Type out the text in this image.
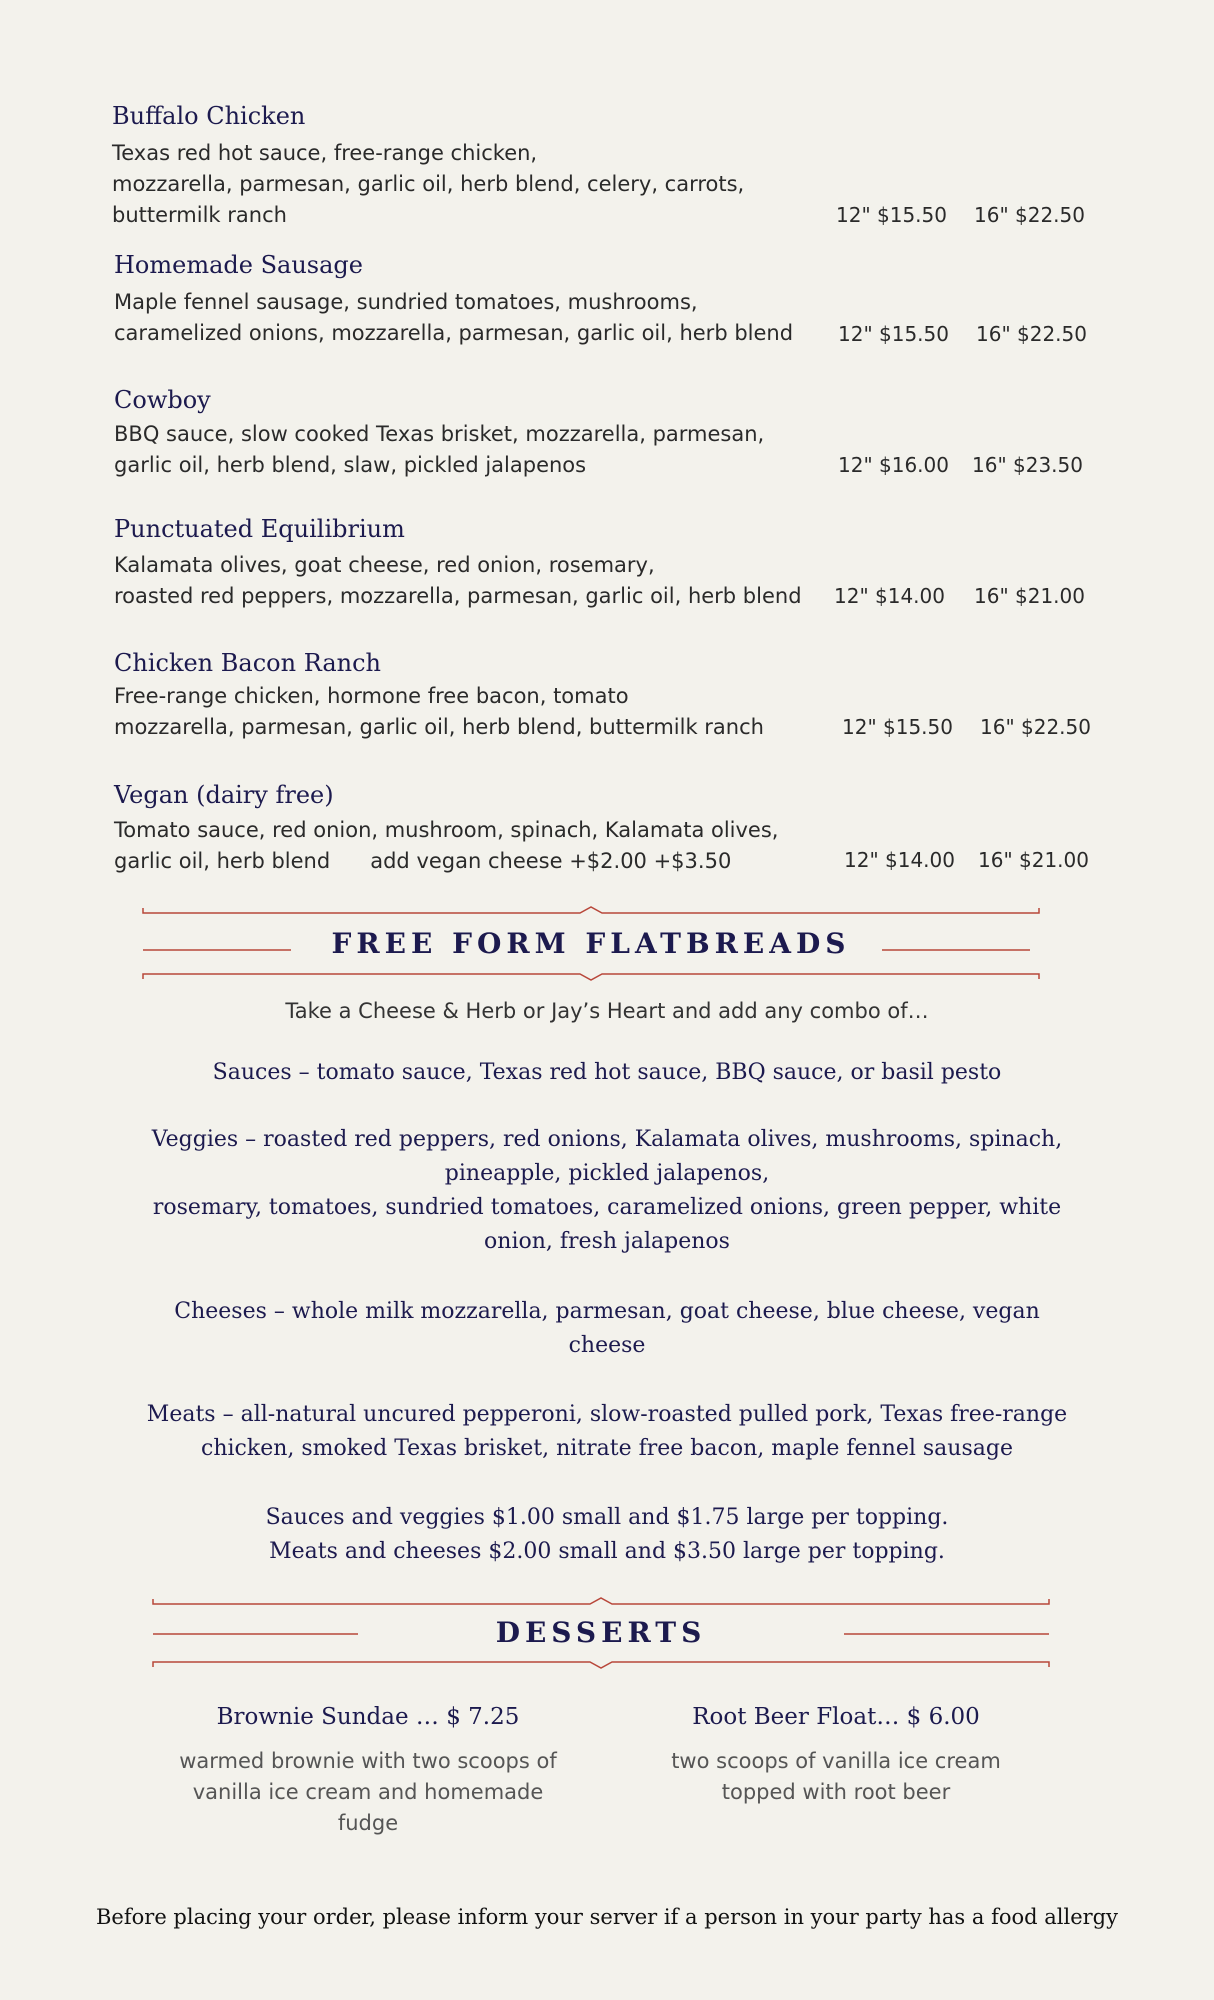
Buffalo Chicken
Texas red hot sauce, free-range chicken,
mozzarella, parmesan, garlic oil, herb blend, celery, carrots,
buttermilk ranch	12" $15.50 16" $22.50
Homemade Sausage
Maple fennel sausage, sundried tomatoes, mushrooms,
caramelized onions, mozzarella, parmesan, garlic oil, herb blend 12" $15.50 16" $22.50
Cowboy
BBQ sauce, slow cooked Texas brisket, mozzarella, parmesan,
garlic oil, herb blend, slaw, pickled jalapenos	12" $16.00 16" $23.50
Punctuated Equilibrium
Kalamata olives, goat cheese, red onion, rosemary,
roasted red peppers, mozzarella, parmesan, garlic oil, herb blend 12" $14.00 16" $21.00
Chicken Bacon Ranch
Free-range chicken, hormone free bacon, tomato
mozzarella, parmesan, garlic oil, herb blend, buttermilk ranch	12" $15.50 16" $22.50
Vegan (dairy free)
Tomato sauce, red onion, mushroom, spinach, Kalamata olives,
garlic oil, herb blend      add vegan cheese +$2.00 +$3.50	12" $14.00 16" $21.00
FREE FORM FLATBREADS
Take a Cheese & Herb or Jay’s Heart and add any combo of…
Sauces – tomato sauce, Texas red hot sauce, BBQ sauce, or basil pesto
Veggies – roasted red peppers, red onions, Kalamata olives, mushrooms, spinach,
pineapple, pickled jalapenos,
rosemary, tomatoes, sundried tomatoes, caramelized onions, green pepper, white
onion, fresh jalapenos
Cheeses – whole milk mozzarella, parmesan, goat cheese, blue cheese, vegan
cheese
Meats – all-natural uncured pepperoni, slow-roasted pulled pork, Texas free-range
chicken, smoked Texas brisket, nitrate free bacon, maple fennel sausage
Sauces and veggies $1.00 small and $1.75 large per topping.
Meats and cheeses $2.00 small and $3.50 large per topping.
DESSERTS
Brownie Sundae … $ 7.25
warmed brownie with two scoops of
vanilla ice cream and homemade
fudge
Root Beer Float… $ 6.00
two scoops of vanilla ice cream
topped with root beer
Before placing your order, please inform your server if a person in your party has a food allergy
